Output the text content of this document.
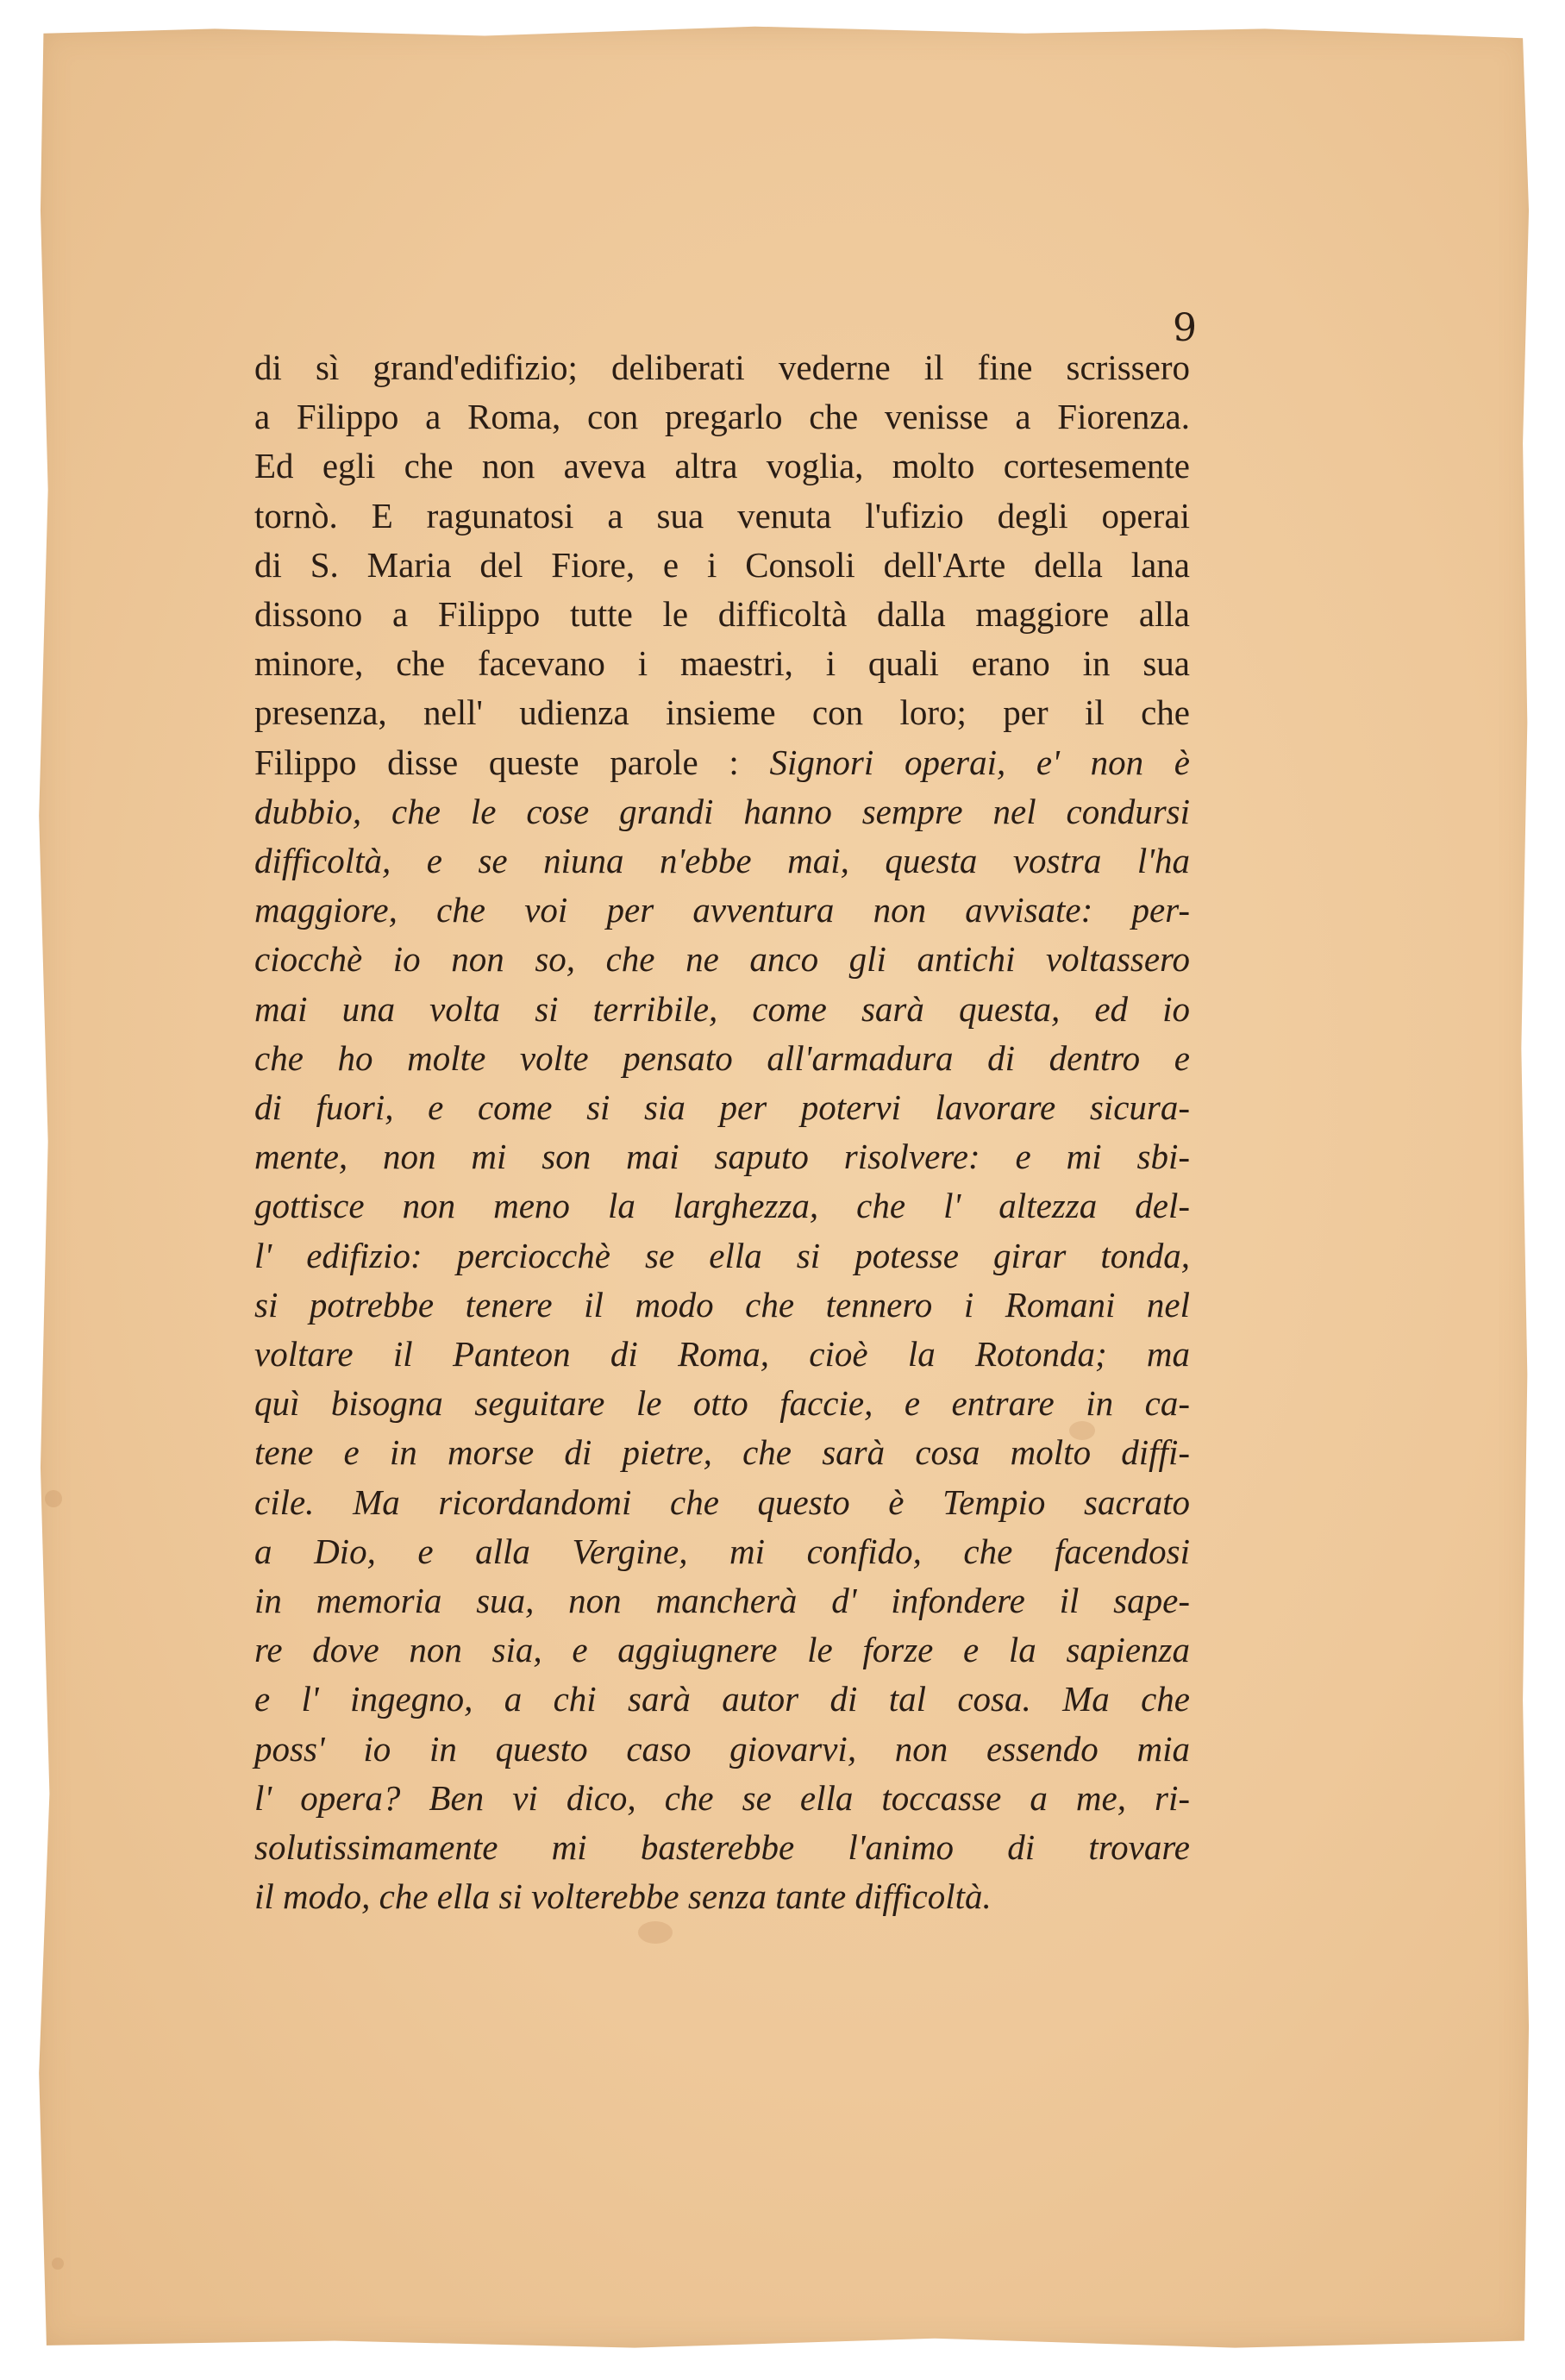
9
di sì grand'edifizio; deliberati vederne il fine scrissero
a Filippo a Roma, con pregarlo che venisse a Fiorenza.
Ed egli che non aveva altra voglia, molto cortesemente
tornò. E ragunatosi a sua venuta l'ufizio degli operai
di S. Maria del Fiore, e i Consoli dell'Arte della lana
dissono a Filippo tutte le difficoltà dalla maggiore alla
minore, che facevano i maestri, i quali erano in sua
presenza, nell' udienza insieme con loro; per il che
Filippo disse queste parole : Signori operai, e' non è
dubbio, che le cose grandi hanno sempre nel condursi
difficoltà, e se niuna n'ebbe mai, questa vostra l'ha
maggiore, che voi per avventura non avvisate: per-
ciocchè io non so, che ne anco gli antichi voltassero
mai una volta si terribile, come sarà questa, ed io
che ho molte volte pensato all'armadura di dentro e
di fuori, e come si sia per potervi lavorare sicura-
mente, non mi son mai saputo risolvere: e mi sbi-
gottisce non meno la larghezza, che l' altezza del-
l' edifizio: perciocchè se ella si potesse girar tonda,
si potrebbe tenere il modo che tennero i Romani nel
voltare il Panteon di Roma, cioè la Rotonda; ma
quì bisogna seguitare le otto faccie, e entrare in ca-
tene e in morse di pietre, che sarà cosa molto diffi-
cile. Ma ricordandomi che questo è Tempio sacrato
a Dio, e alla Vergine, mi confido, che facendosi
in memoria sua, non mancherà d' infondere il sape-
re dove non sia, e aggiugnere le forze e la sapienza
e l' ingegno, a chi sarà autor di tal cosa. Ma che
poss' io in questo caso giovarvi, non essendo mia
l' opera? Ben vi dico, che se ella toccasse a me, ri-
solutissimamente mi basterebbe l'animo di trovare
il modo, che ella si volterebbe senza tante difficoltà.
